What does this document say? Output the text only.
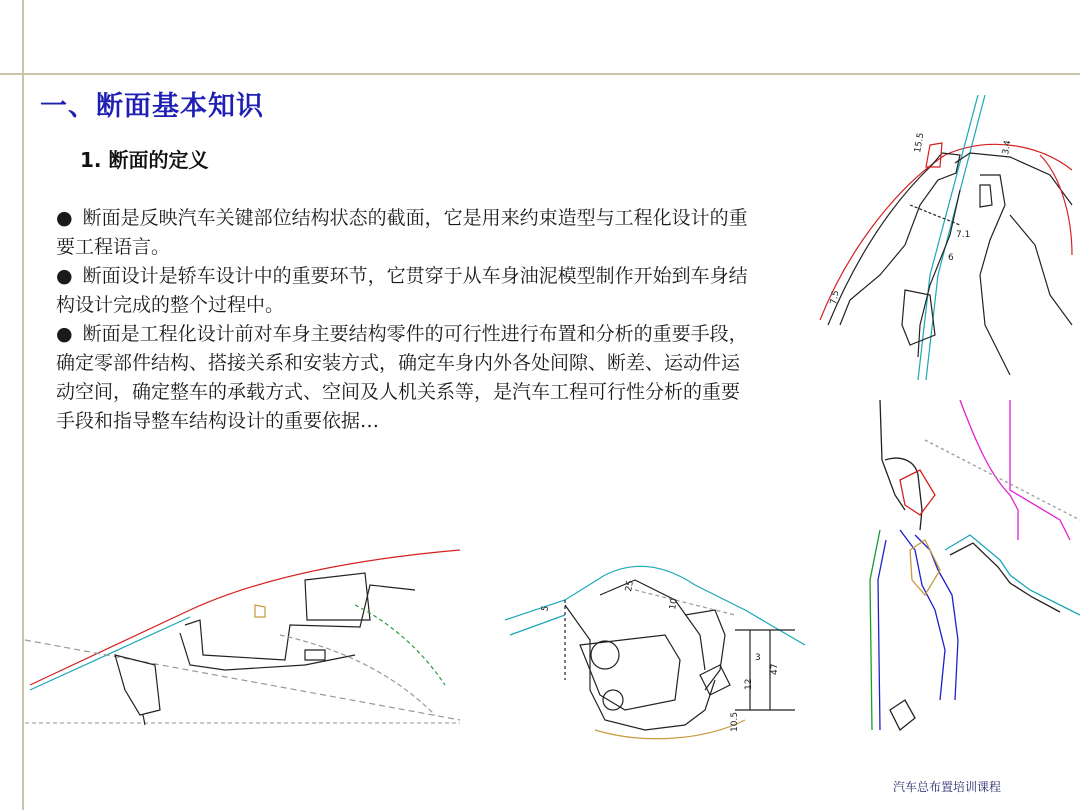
一、断面基本知识
1. 断面的定义

● 断面是反映汽车关键部位结构状态的截面，它是用来约束造型与工程化设计的重要工程语言。

● 断面设计是轿车设计中的重要环节，它贯穿于从车身油泥模型制作开始到车身结构设计完成的整个过程中。

● 断面是工程化设计前对车身主要结构零件的可行性进行布置和分析的重要手段，确定零部件结构、搭接关系和安装方式，确定车身内外各处间隙、断差、运动件运动空间，确定整车的承载方式、空间及人机关系等，是汽车工程可行性分析的重要手段和指导整车结构设计的重要依据…

15.5	3.4
7.1
6
7.5
5
25
10
3
47
10.5
12
汽车总布置培训课程
